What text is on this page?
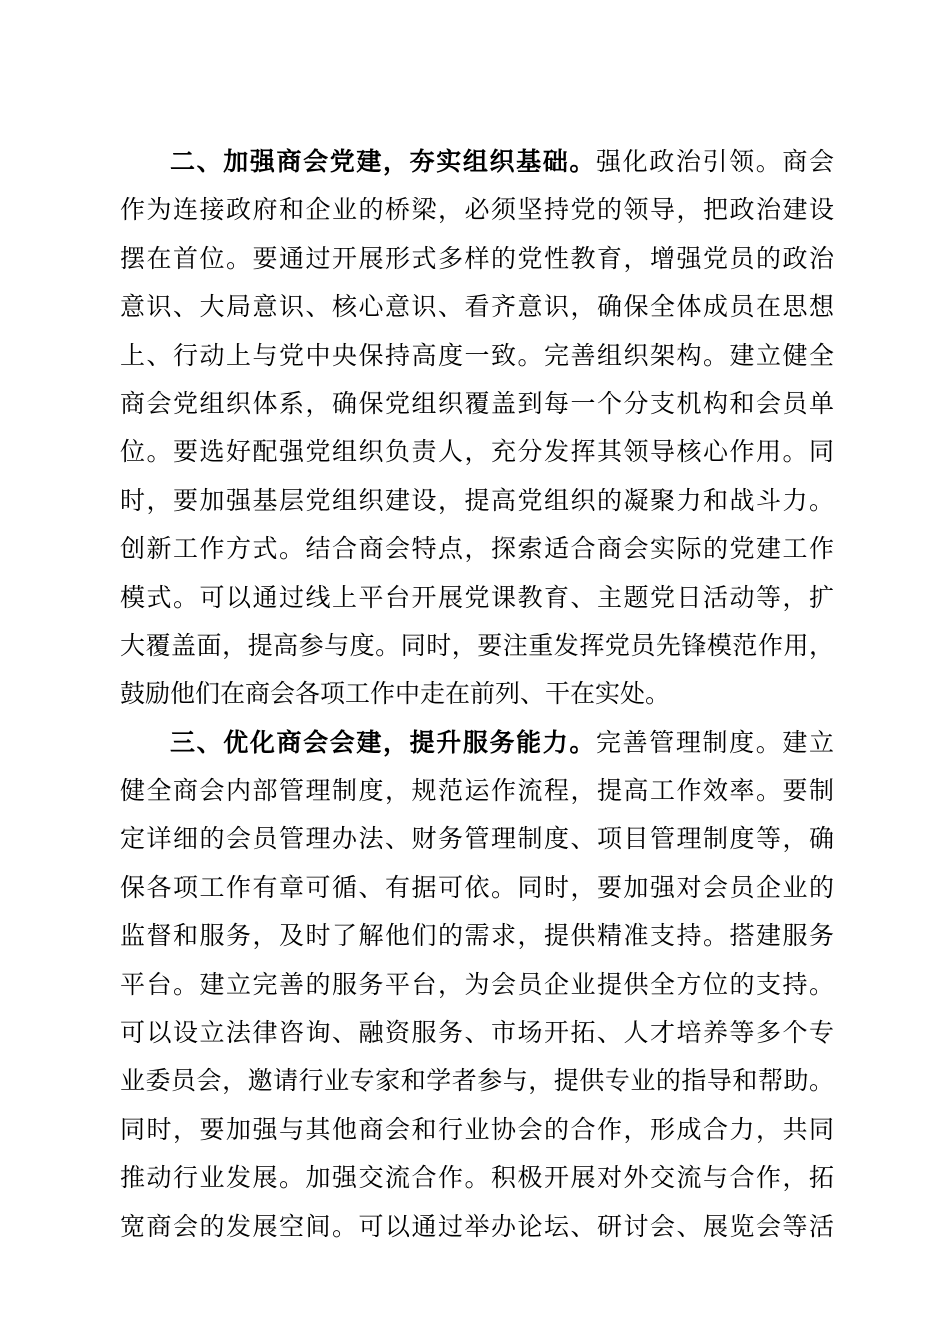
二、加强商会党建，夯实组织基础。强化政治引领。商会
作为连接政府和企业的桥梁，必须坚持党的领导，把政治建设
摆在首位。要通过开展形式多样的党性教育，增强党员的政治
意识、大局意识、核心意识、看齐意识，确保全体成员在思想
上、行动上与党中央保持高度一致。完善组织架构。建立健全
商会党组织体系，确保党组织覆盖到每一个分支机构和会员单
位。要选好配强党组织负责人，充分发挥其领导核心作用。同
时，要加强基层党组织建设，提高党组织的凝聚力和战斗力。
创新工作方式。结合商会特点，探索适合商会实际的党建工作
模式。可以通过线上平台开展党课教育、主题党日活动等，扩
大覆盖面，提高参与度。同时，要注重发挥党员先锋模范作用，
鼓励他们在商会各项工作中走在前列、干在实处。
三、优化商会会建，提升服务能力。完善管理制度。建立
健全商会内部管理制度，规范运作流程，提高工作效率。要制
定详细的会员管理办法、财务管理制度、项目管理制度等，确
保各项工作有章可循、有据可依。同时，要加强对会员企业的
监督和服务，及时了解他们的需求，提供精准支持。搭建服务
平台。建立完善的服务平台，为会员企业提供全方位的支持。
可以设立法律咨询、融资服务、市场开拓、人才培养等多个专
业委员会，邀请行业专家和学者参与，提供专业的指导和帮助。
同时，要加强与其他商会和行业协会的合作，形成合力，共同
推动行业发展。加强交流合作。积极开展对外交流与合作，拓
宽商会的发展空间。可以通过举办论坛、研讨会、展览会等活
